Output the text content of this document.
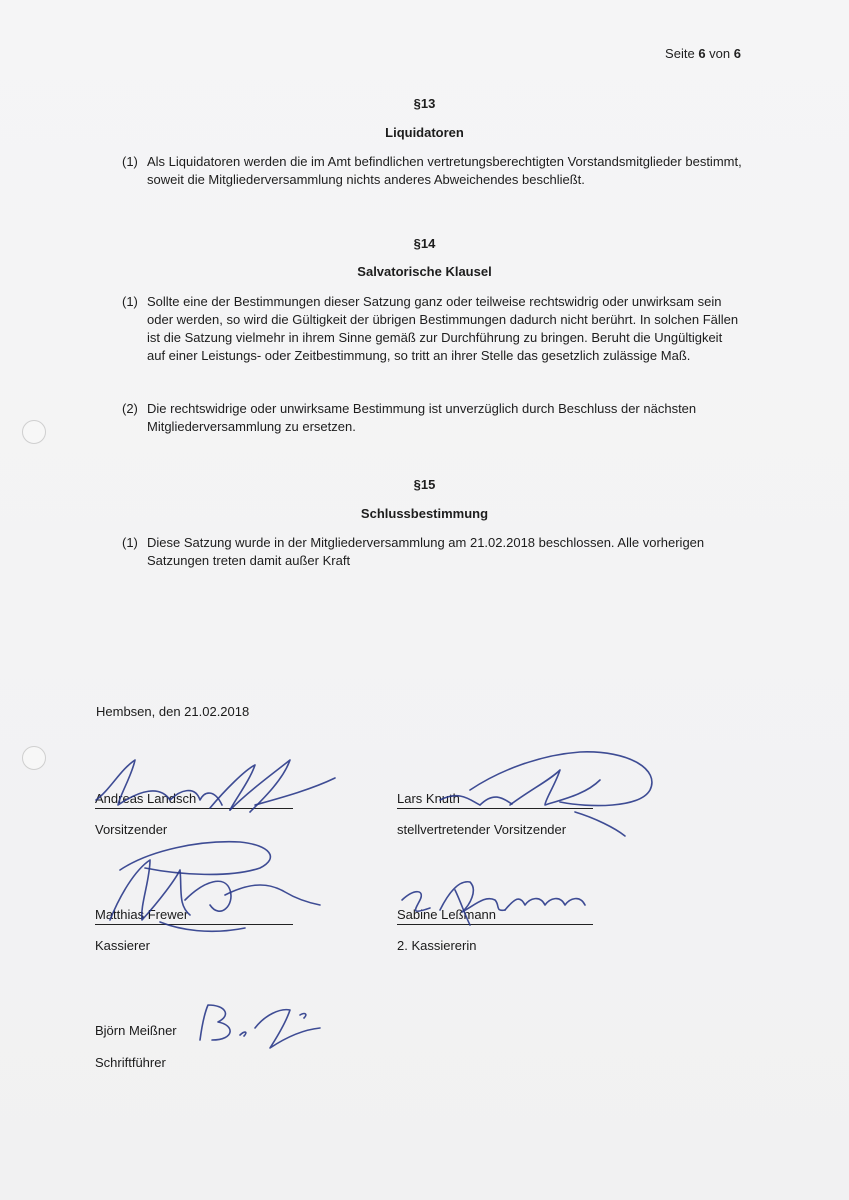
Seite 6 von 6
§13
Liquidatoren
(1) Als Liquidatoren werden die im Amt befindlichen vertretungsberechtigten Vorstandsmitglieder bestimmt, soweit die Mitgliederversammlung nichts anderes Abweichendes beschließt.
§14
Salvatorische Klausel
(1) Sollte eine der Bestimmungen dieser Satzung ganz oder teilweise rechtswidrig oder unwirksam sein oder werden, so wird die Gültigkeit der übrigen Bestimmungen dadurch nicht berührt. In solchen Fällen ist die Satzung vielmehr in ihrem Sinne gemäß zur Durchführung zu bringen. Beruht die Ungültigkeit auf einer Leistungs- oder Zeitbestimmung, so tritt an ihrer Stelle das gesetzlich zulässige Maß.
(2) Die rechtswidrige oder unwirksame Bestimmung ist unverzüglich durch Beschluss der nächsten Mitgliederversammlung zu ersetzen.
§15
Schlussbestimmung
(1) Diese Satzung wurde in der Mitgliederversammlung am 21.02.2018 beschlossen. Alle vorherigen Satzungen treten damit außer Kraft
Hembsen, den 21.02.2018
Andreas Landsch
Vorsitzender
Lars Knuth
stellvertretender Vorsitzender
Matthias Frewer
Kassierer
Sabine Leßmann
2. Kassiererin
Björn Meißner
Schriftführer
